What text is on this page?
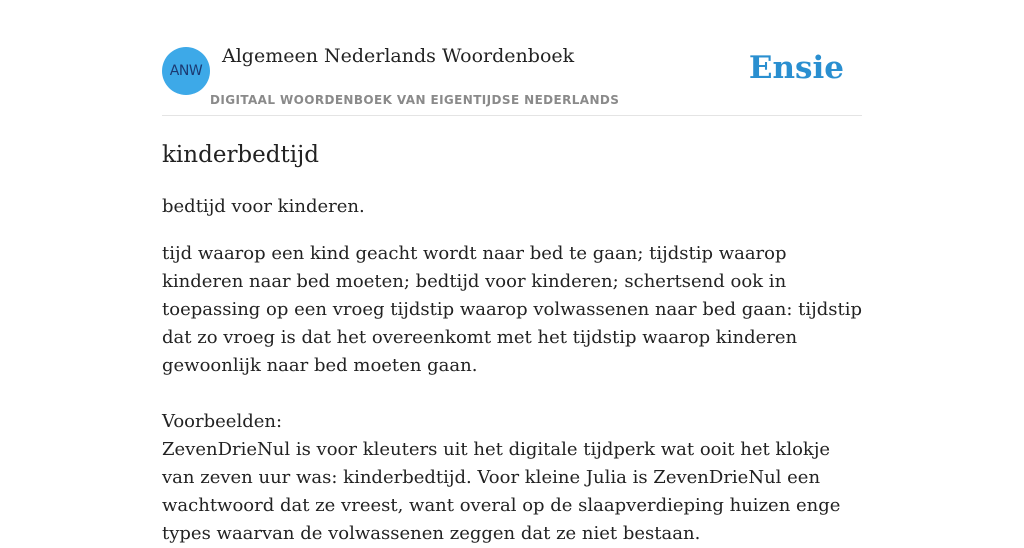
ANW
Algemeen Nederlands Woordenboek
DIGITAAL WOORDENBOEK VAN EIGENTIJDSE NEDERLANDS
Ensie
kinderbedtijd

bedtijd voor kinderen.

tijd waarop een kind geacht wordt naar bed te gaan; tijdstip waarop kinderen naar bed moeten; bedtijd voor kinderen; schertsend ook in toepassing op een vroeg tijdstip waarop volwassenen naar bed gaan: tijdstip dat zo vroeg is dat het overeenkomt met het tijdstip waarop kinderen gewoonlijk naar bed moeten gaan.

Voorbeelden:

ZevenDrieNul is voor kleuters uit het digitale tijdperk wat ooit het klokje van zeven uur was: kinderbedtijd. Voor kleine Julia is ZevenDrieNul een wachtwoord dat ze vreest, want overal op de slaapverdieping huizen enge types waarvan de volwassenen zeggen dat ze niet bestaan.
